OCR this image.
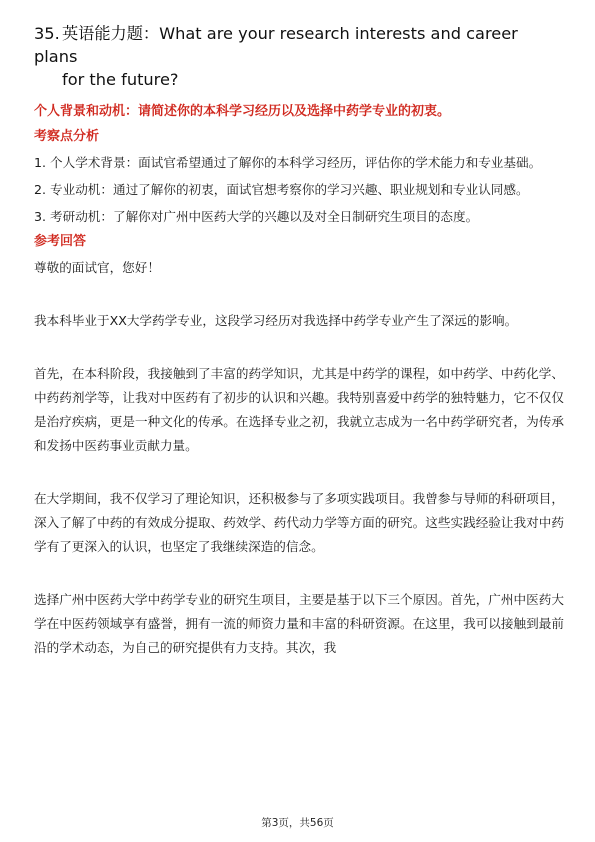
35. 英语能力题：What are your research interests and career plans
for the future?
个人背景和动机：请简述你的本科学习经历以及选择中药学专业的初衷。
考察点分析
1. 个人学术背景：面试官希望通过了解你的本科学习经历，评估你的学术能力和专业基础。
2. 专业动机：通过了解你的初衷，面试官想考察你的学习兴趣、职业规划和专业认同感。
3. 考研动机：了解你对广州中医药大学的兴趣以及对全日制研究生项目的态度。
参考回答
尊敬的面试官，您好！
我本科毕业于XX大学药学专业，这段学习经历对我选择中药学专业产生了深远的影响。
首先，在本科阶段，我接触到了丰富的药学知识，尤其是中药学的课程，如中药学、中药化学、中药药剂学等，让我对中医药有了初步的认识和兴趣。我特别喜爱中药学的独特魅力，它不仅仅是治疗疾病，更是一种文化的传承。在选择专业之初，我就立志成为一名中药学研究者，为传承和发扬中医药事业贡献力量。
在大学期间，我不仅学习了理论知识，还积极参与了多项实践项目。我曾参与导师的科研项目，深入了解了中药的有效成分提取、药效学、药代动力学等方面的研究。这些实践经验让我对中药学有了更深入的认识，也坚定了我继续深造的信念。
选择广州中医药大学中药学专业的研究生项目，主要是基于以下三个原因。首先，广州中医药大学在中医药领域享有盛誉，拥有一流的师资力量和丰富的科研资源。在这里，我可以接触到最前沿的学术动态，为自己的研究提供有力支持。其次，我
第3页，共56页
